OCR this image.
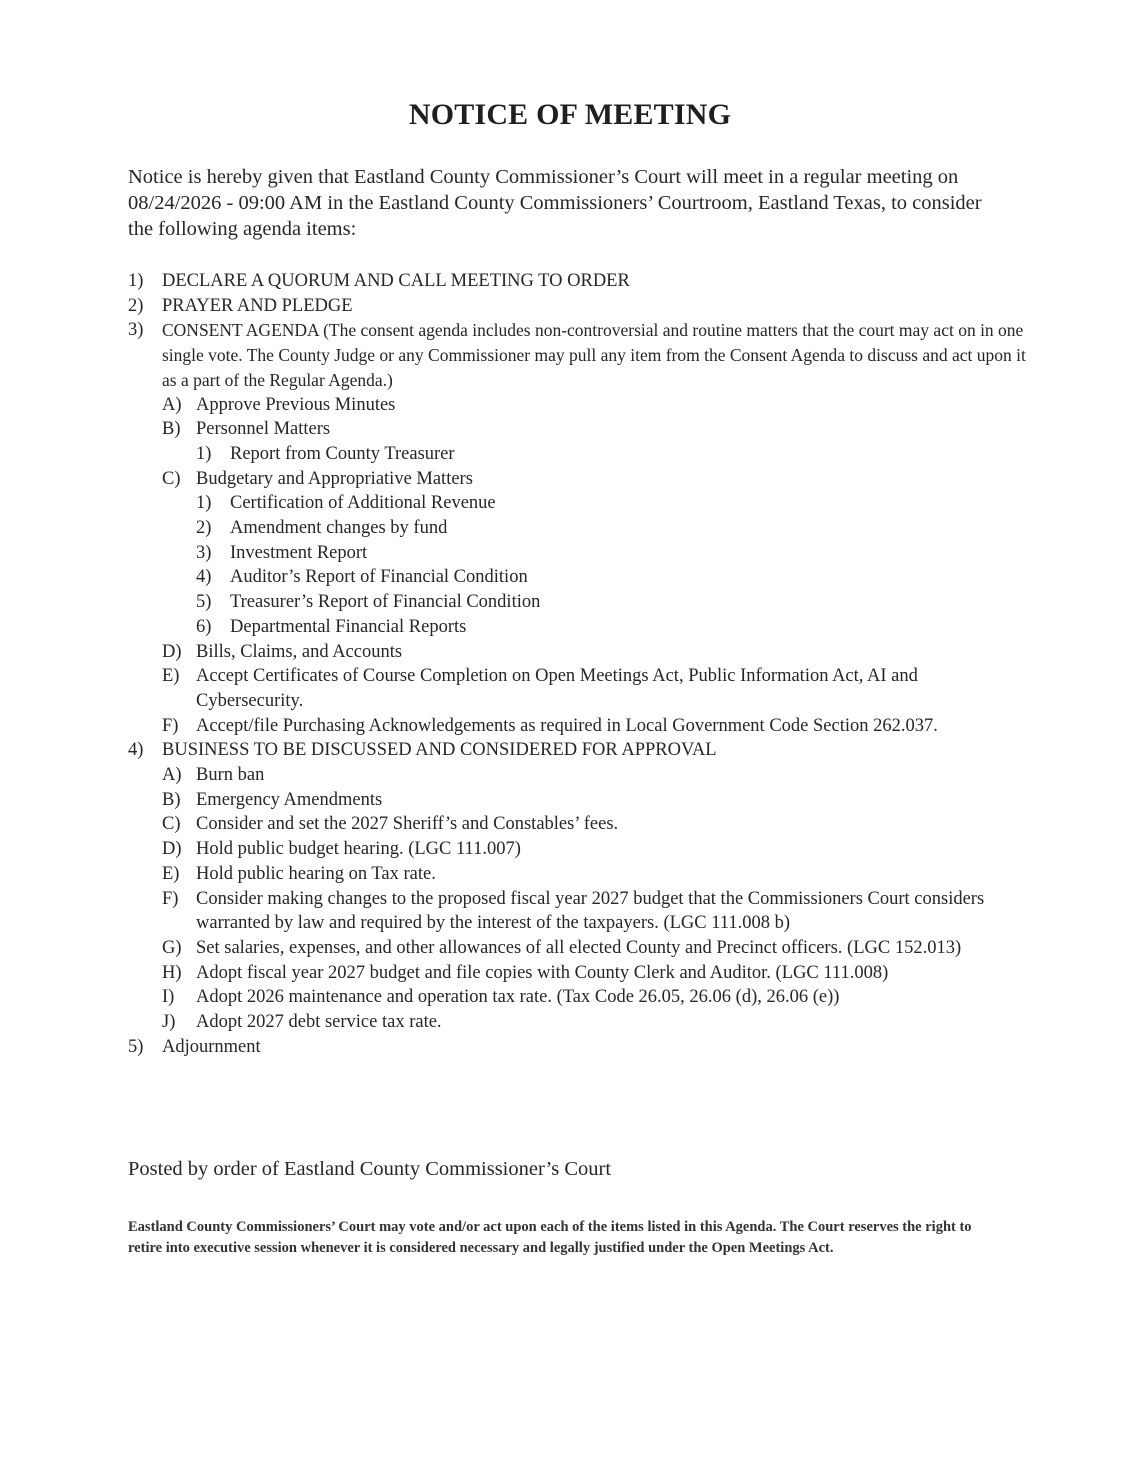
NOTICE OF MEETING
Notice is hereby given that Eastland County Commissioner’s Court will meet in a regular meeting on 08/24/2026 - 09:00 AM in the Eastland County Commissioners’ Courtroom, Eastland Texas, to consider the following agenda items:
1)	DECLARE A QUORUM AND CALL MEETING TO ORDER
2)	PRAYER AND PLEDGE
3)	CONSENT AGENDA (The consent agenda includes non-controversial and routine matters that the court may act on in one single vote. The County Judge or any Commissioner may pull any item from the Consent Agenda to discuss and act upon it as a part of the Regular Agenda.)
A) Approve Previous Minutes
B) Personnel Matters
1)	Report from County Treasurer
C) Budgetary and Appropriative Matters
1)	Certification of Additional Revenue
2)	Amendment changes by fund
3)	Investment Report
4)	Auditor’s Report of Financial Condition
5)	Treasurer’s Report of Financial Condition
6)	Departmental Financial Reports
D) Bills, Claims, and Accounts
E) Accept Certificates of Course Completion on Open Meetings Act, Public Information Act, AI and Cybersecurity.
F) Accept/file Purchasing Acknowledgements as required in Local Government Code Section 262.037.
4)	BUSINESS TO BE DISCUSSED AND CONSIDERED FOR APPROVAL
A) Burn ban
B) Emergency Amendments
C) Consider and set the 2027 Sheriff’s and Constables’ fees.
D) Hold public budget hearing. (LGC 111.007)
E) Hold public hearing on Tax rate.
F) Consider making changes to the proposed fiscal year 2027 budget that the Commissioners Court considers warranted by law and required by the interest of the taxpayers. (LGC 111.008 b)
G) Set salaries, expenses, and other allowances of all elected County and Precinct officers. (LGC 152.013)
H) Adopt fiscal year 2027 budget and file copies with County Clerk and Auditor. (LGC 111.008)
I)	Adopt 2026 maintenance and operation tax rate. (Tax Code 26.05, 26.06 (d), 26.06 (e))
J)	Adopt 2027 debt service tax rate.
5)	Adjournment
Posted by order of Eastland County Commissioner’s Court
Eastland County Commissioners’ Court may vote and/or act upon each of the items listed in this Agenda. The Court reserves the right to retire into executive session whenever it is considered necessary and legally justified under the Open Meetings Act.
